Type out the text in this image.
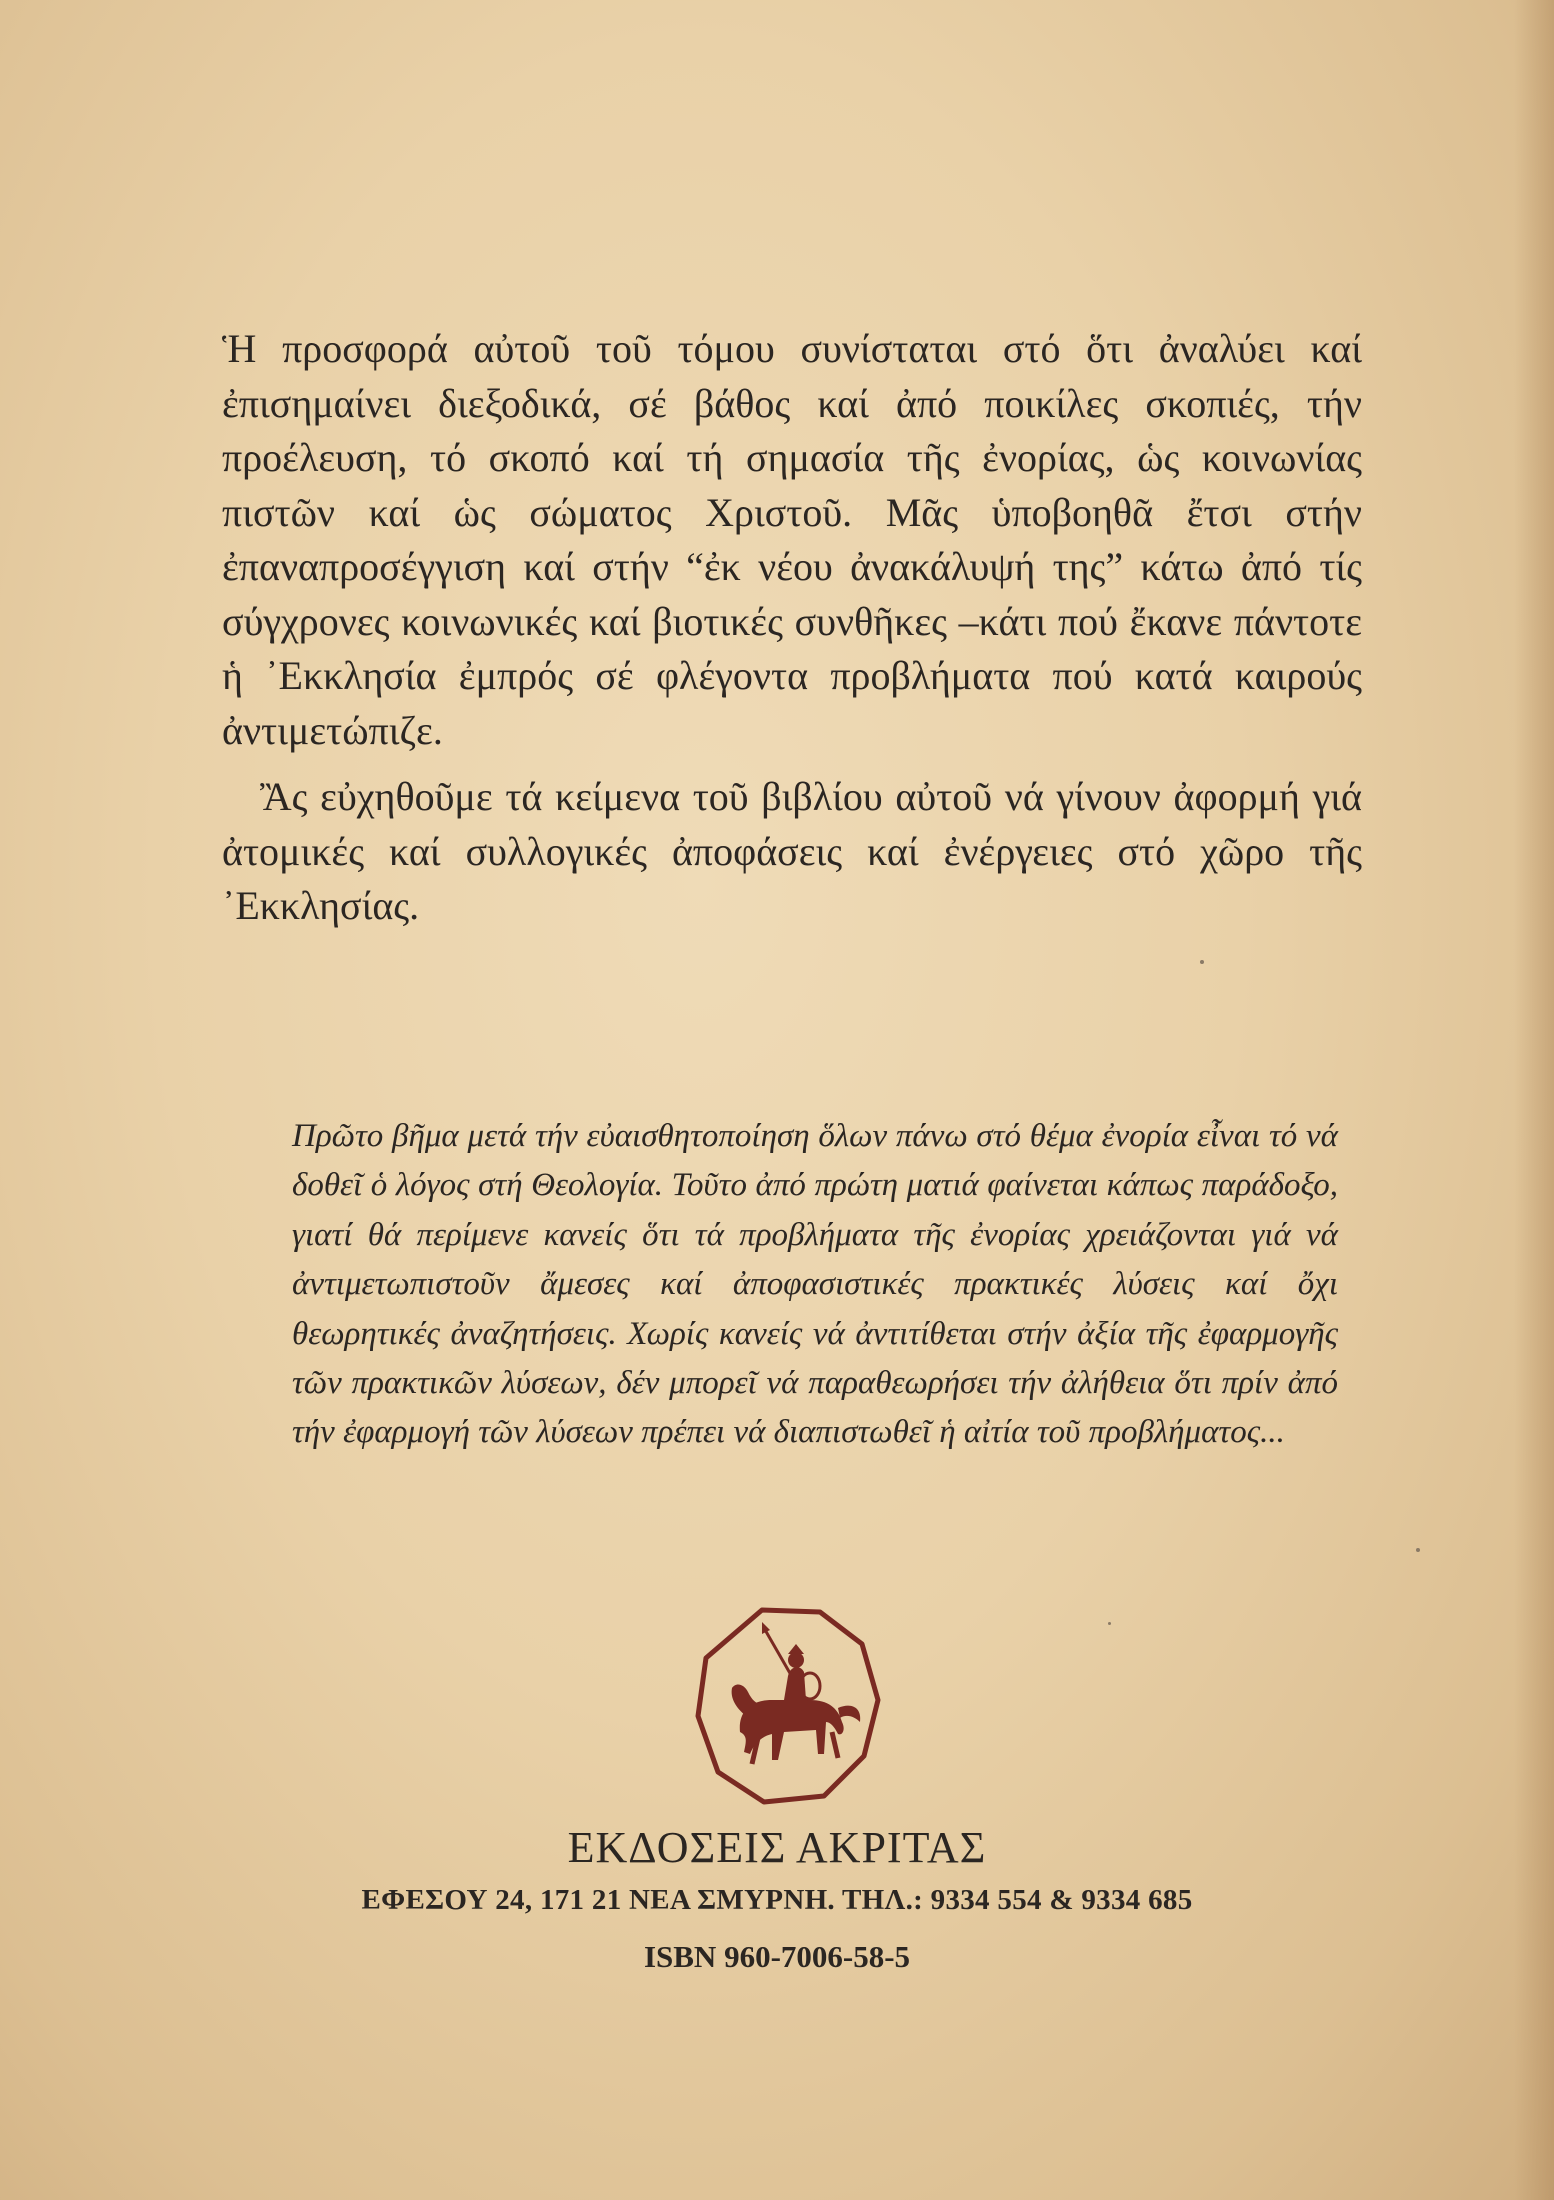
Ἡ προσφορά αὐτοῦ τοῦ τόμου συνίσταται στό ὅτι ἀναλύει καί ἐπισημαίνει διεξοδικά, σέ βάθος καί ἀπό ποικίλες σκοπιές, τήν προέλευση, τό σκοπό καί τή σημασία τῆς ἐνορίας, ὡς κοινωνίας πιστῶν καί ὡς σώματος Χριστοῦ. Μᾶς ὑποβοηθᾶ ἔτσι στήν ἐπαναπροσέγγιση καί στήν “ἐκ νέου ἀνακάλυψή της” κάτω ἀπό τίς σύγχρονες κοινωνικές καί βιοτικές συνθῆκες –κάτι πού ἔκανε πάντοτε ἡ ᾿Εκκλησία ἐμπρός σέ φλέγοντα προβλήματα πού κατά καιρούς ἀντιμετώπιζε.

Ἂς εὐχηθοῦμε τά κείμενα τοῦ βιβλίου αὐτοῦ νά γίνουν ἀφορμή γιά ἀτομικές καί συλλογικές ἀποφάσεις καί ἐνέργειες στό χῶρο τῆς ᾿Εκκλησίας.

Πρῶτο βῆμα μετά τήν εὐαισθητοποίηση ὅλων πάνω στό θέμα ἐνορία εἶναι τό νά δοθεῖ ὁ λόγος στή Θεολογία. Τοῦτο ἀπό πρώτη ματιά φαίνεται κάπως παράδοξο, γιατί θά περίμενε κανείς ὅτι τά προβλήματα τῆς ἐνορίας χρειάζονται γιά νά ἀντιμετωπιστοῦν ἄμεσες καί ἀποφασιστικές πρακτικές λύσεις καί ὄχι θεωρητικές ἀναζητήσεις. Χωρίς κανείς νά ἀντιτίθεται στήν ἀξία τῆς ἐφαρμογῆς τῶν πρακτικῶν λύσεων, δέν μπορεῖ νά παραθεωρήσει τήν ἀλήθεια ὅτι πρίν ἀπό τήν ἐφαρμογή τῶν λύσεων πρέπει νά διαπιστωθεῖ ἡ αἰτία τοῦ προβλήματος...

ΕΚΔΟΣΕΙΣ ΑΚΡΙΤΑΣ
ΕΦΕΣΟΥ 24, 171 21 ΝΕΑ ΣΜΥΡΝΗ. ΤΗΛ.: 9334 554 & 9334 685
ISBN 960-7006-58-5
